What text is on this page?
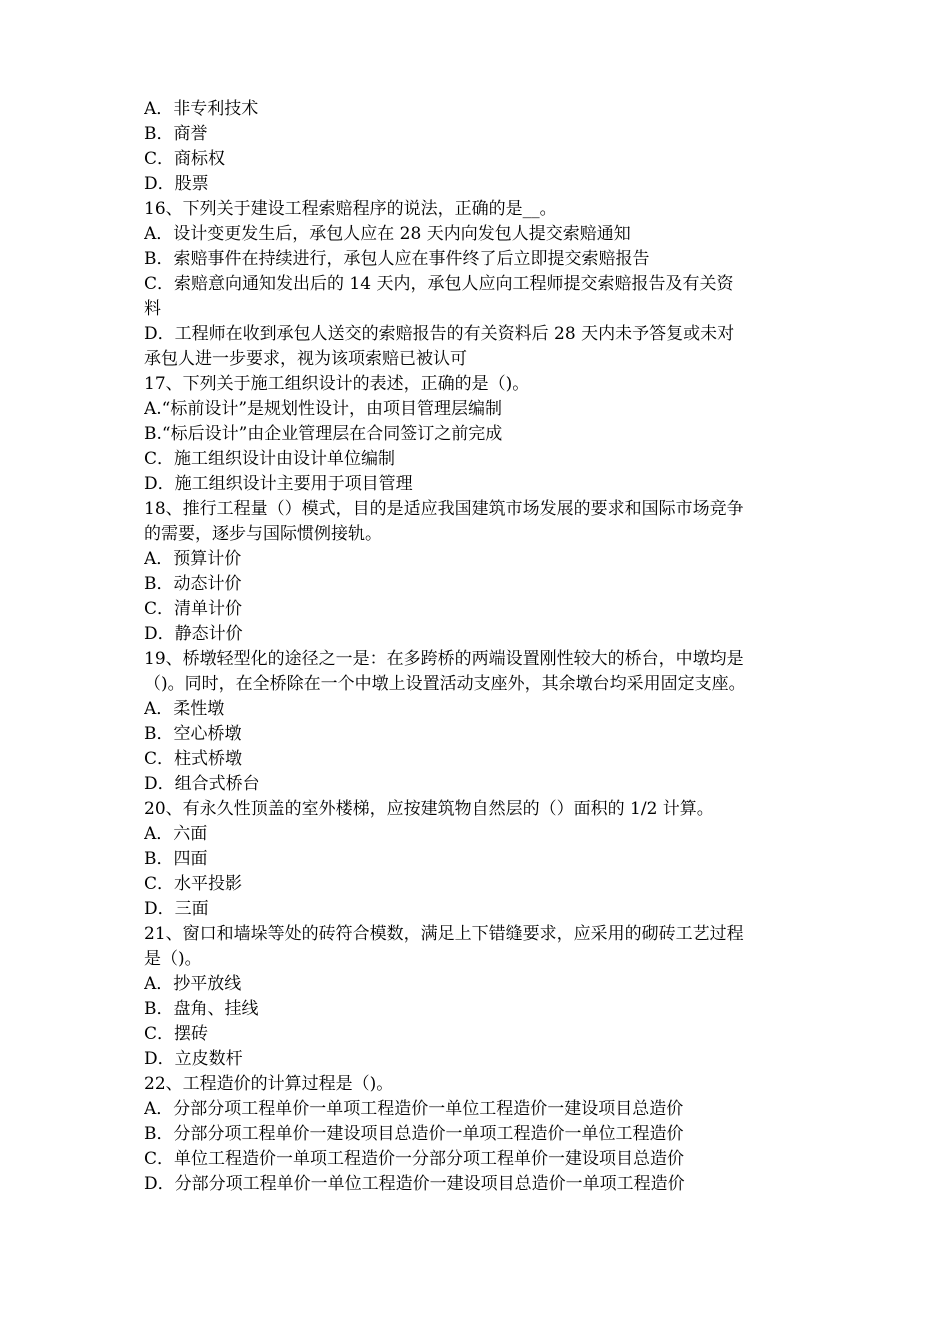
A．非专利技术
B．商誉
C．商标权
D．股票
16、下列关于建设工程索赔程序的说法，正确的是__。
A．设计变更发生后，承包人应在 28 天内向发包人提交索赔通知
B．索赔事件在持续进行，承包人应在事件终了后立即提交索赔报告
C．索赔意向通知发出后的 14 天内，承包人应向工程师提交索赔报告及有关资
料
D．工程师在收到承包人送交的索赔报告的有关资料后 28 天内未予答复或未对
承包人进一步要求，视为该项索赔已被认可
17、下列关于施工组织设计的表述，正确的是（)。
A.“标前设计”是规划性设计，由项目管理层编制
B.“标后设计”由企业管理层在合同签订之前完成
C．施工组织设计由设计单位编制
D．施工组织设计主要用于项目管理
18、推行工程量（）模式，目的是适应我国建筑市场发展的要求和国际市场竞争
的需要，逐步与国际惯例接轨。
A．预算计价
B．动态计价
C．清单计价
D．静态计价
19、桥墩轻型化的途径之一是：在多跨桥的两端设置刚性较大的桥台，中墩均是
（)。同时，在全桥除在一个中墩上设置活动支座外，其余墩台均采用固定支座。
A．柔性墩
B．空心桥墩
C．柱式桥墩
D．组合式桥台
20、有永久性顶盖的室外楼梯，应按建筑物自然层的（）面积的 1/2 计算。
A．六面
B．四面
C．水平投影
D．三面
21、窗口和墙垛等处的砖符合模数，满足上下错缝要求，应采用的砌砖工艺过程
是（)。
A．抄平放线
B．盘角、挂线
C．摆砖
D．立皮数杆
22、工程造价的计算过程是（)。
A．分部分项工程单价一单项工程造价一单位工程造价一建设项目总造价
B．分部分项工程单价一建设项目总造价一单项工程造价一单位工程造价
C．单位工程造价一单项工程造价一分部分项工程单价一建设项目总造价
D．分部分项工程单价一单位工程造价一建设项目总造价一单项工程造价
